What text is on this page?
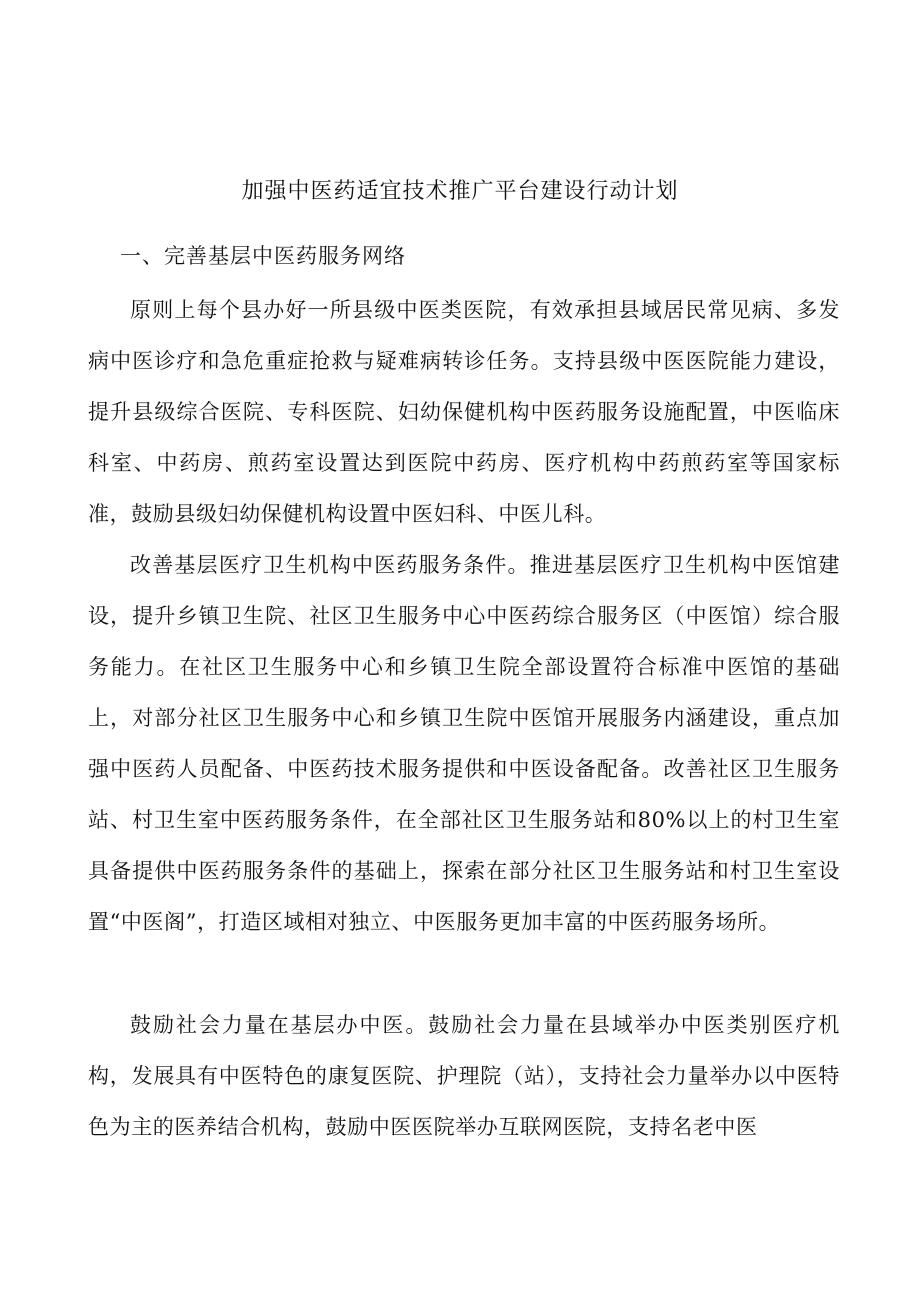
加强中医药适宜技术推广平台建设行动计划
一、完善基层中医药服务网络

原则上每个县办好一所县级中医类医院，有效承担县域居民常见病、多发病中医诊疗和急危重症抢救与疑难病转诊任务。支持县级中医医院能力建设，提升县级综合医院、专科医院、妇幼保健机构中医药服务设施配置，中医临床科室、中药房、煎药室设置达到医院中药房、医疗机构中药煎药室等国家标准，鼓励县级妇幼保健机构设置中医妇科、中医儿科。

改善基层医疗卫生机构中医药服务条件。推进基层医疗卫生机构中医馆建设，提升乡镇卫生院、社区卫生服务中心中医药综合服务区（中医馆）综合服务能力。在社区卫生服务中心和乡镇卫生院全部设置符合标准中医馆的基础上，对部分社区卫生服务中心和乡镇卫生院中医馆开展服务内涵建设，重点加强中医药人员配备、中医药技术服务提供和中医设备配备。改善社区卫生服务站、村卫生室中医药服务条件，在全部社区卫生服务站和80%以上的村卫生室具备提供中医药服务条件的基础上，探索在部分社区卫生服务站和村卫生室设置“中医阁”，打造区域相对独立、中医服务更加丰富的中医药服务场所。

鼓励社会力量在基层办中医。鼓励社会力量在县域举办中医类别医疗机构，发展具有中医特色的康复医院、护理院（站），支持社会力量举办以中医特色为主的医养结合机构，鼓励中医医院举办互联网医院，支持名老中医
